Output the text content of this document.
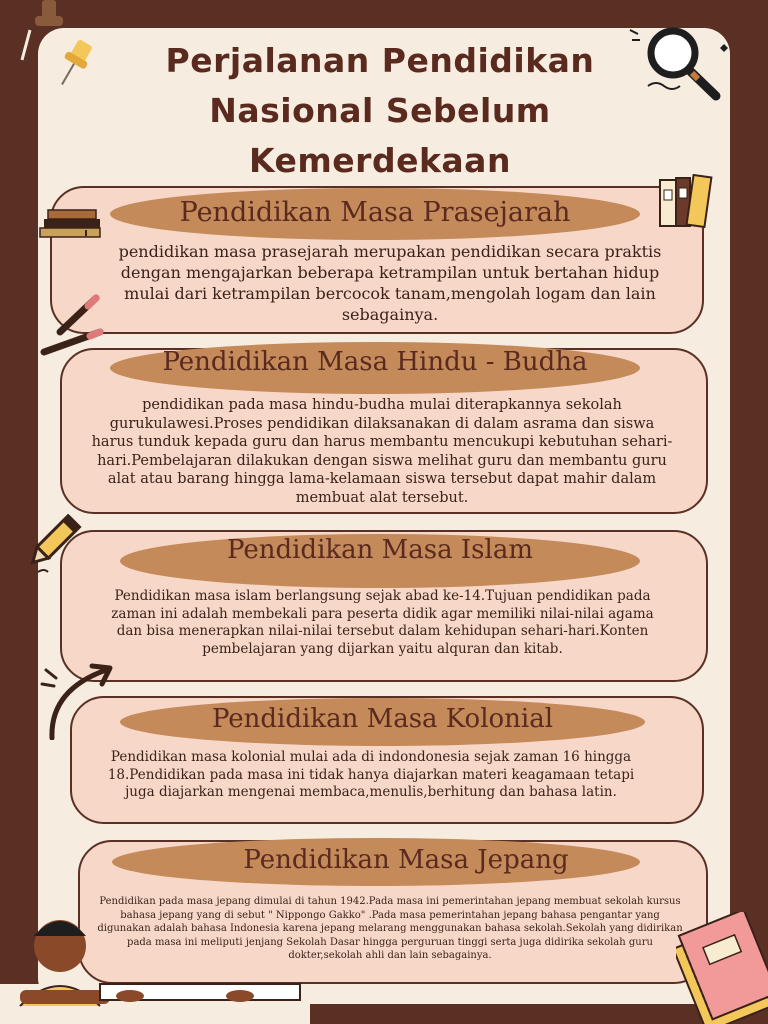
Perjalanan Pendidikan Nasional Sebelum Kemerdekaan
Pendidikan Masa Prasejarah
pendidikan masa prasejarah merupakan pendidikan secara praktis dengan mengajarkan beberapa ketrampilan untuk bertahan hidup mulai dari ketrampilan bercocok tanam,mengolah logam dan lain sebagainya.
Pendidikan Masa Hindu - Budha
pendidikan pada masa hindu-budha mulai diterapkannya sekolah gurukulawesi.Proses pendidikan dilaksanakan di dalam asrama dan siswa harus tunduk kepada guru dan harus membantu mencukupi kebutuhan sehari-hari.Pembelajaran dilakukan dengan siswa melihat guru dan membantu guru alat atau barang hingga lama-kelamaan siswa tersebut dapat mahir dalam membuat alat tersebut.
Pendidikan Masa Islam
Pendidikan masa islam berlangsung sejak abad ke-14.Tujuan pendidikan pada zaman ini adalah membekali para peserta didik agar memiliki nilai-nilai agama dan bisa menerapkan nilai-nilai tersebut dalam kehidupan sehari-hari.Konten pembelajaran yang dijarkan yaitu alquran dan kitab.
Pendidikan Masa Kolonial
Pendidikan masa kolonial mulai ada di indondonesia sejak zaman 16 hingga 18.Pendidikan pada masa ini tidak hanya diajarkan materi keagamaan tetapi juga diajarkan mengenai membaca,menulis,berhitung dan bahasa latin.
Pendidikan Masa Jepang
Pendidikan pada masa jepang dimulai di tahun 1942.Pada masa ini pemerintahan jepang membuat sekolah kursus bahasa jepang yang di sebut " Nippongo Gakko" .Pada masa pemerintahan jepang bahasa pengantar yang digunakan adalah bahasa Indonesia karena jepang melarang menggunakan bahasa sekolah.Sekolah yang didirikan pada masa ini meliputi jenjang Sekolah Dasar hingga perguruan tinggi serta juga didirika sekolah guru dokter,sekolah ahli dan lain sebagainya.
